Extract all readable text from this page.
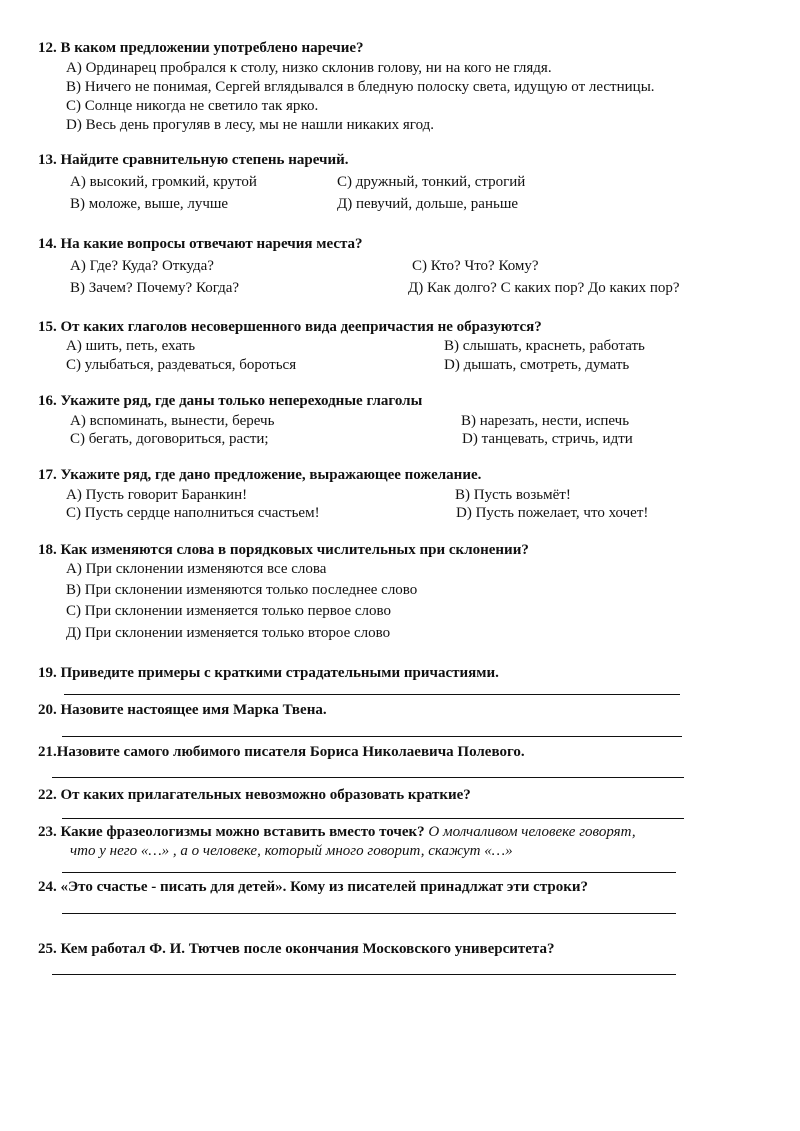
12. В каком предложении употреблено наречие?
А) Ординарец пробрался к столу, низко склонив голову, ни на кого не глядя.
В) Ничего не понимая, Сергей вглядывался в бледную полоску света, идущую от лестницы.
С) Солнце никогда не светило так ярко.
D) Весь день прогуляв в лесу, мы не нашли никаких ягод.
13. Найдите сравнительную степень наречий.
А) высокий, громкий, крутой	С) дружный, тонкий, строгий
В) моложе, выше, лучше	Д) певучий, дольше, раньше
14. На какие вопросы отвечают наречия места?
А) Где? Куда? Откуда?	С) Кто? Что? Кому?
В) Зачем? Почему? Когда?	Д) Как долго? С каких пор? До каких пор?
15. От каких глаголов несовершенного вида деепричастия не образуются?
А) шить, петь, ехать	В) слышать, краснеть, работать
С) улыбаться, раздеваться, бороться	D) дышать, смотреть, думать
16. Укажите ряд, где даны только непереходные глаголы
А) вспоминать, вынести, беречь	В) нарезать, нести, испечь
С) бегать, договориться, расти;	D) танцевать, стричь, идти
17. Укажите ряд, где дано предложение, выражающее пожелание.
А) Пусть говорит Баранкин!	В) Пусть возьмёт!
С) Пусть сердце наполниться счастьем!	D) Пусть пожелает, что хочет!
18. Как изменяются слова в порядковых числительных при склонении?
А) При склонении изменяются все слова
В) При склонении изменяются только последнее слово
С) При склонении изменяется только первое слово
Д) При склонении изменяется только второе слово
19. Приведите примеры с краткими страдательными причастиями.
20. Назовите настоящее имя Марка Твена.
21.Назовите самого любимого писателя Бориса Николаевича Полевого.
22. От каких прилагательных невозможно образовать краткие?
23. Какие фразеологизмы можно вставить вместо точек? О молчаливом человеке говорят,
что у него «…» , а о человеке, который много говорит, скажут «…»
24. «Это счастье - писать для детей». Кому из писателей принадлжат эти строки?
25. Кем работал Ф. И. Тютчев после окончания Московского университета?
